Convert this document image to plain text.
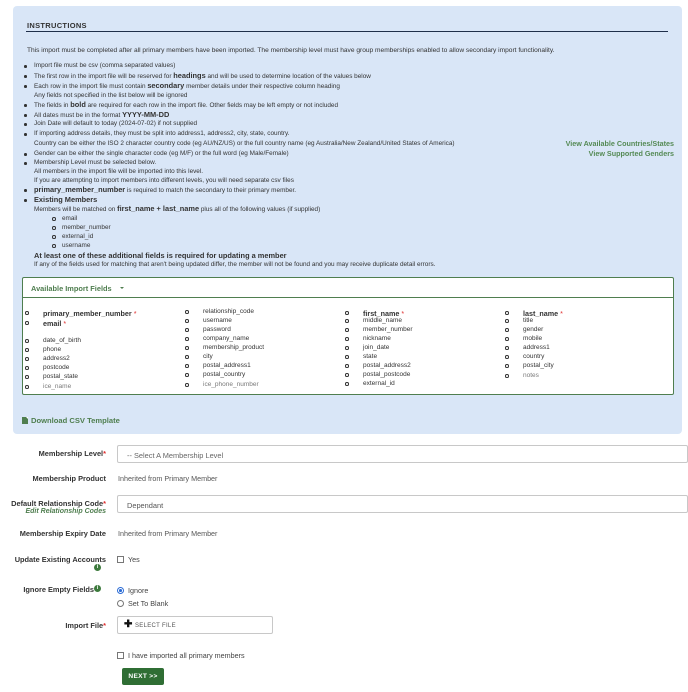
INSTRUCTIONS
This import must be completed after all primary members have been imported. The membership level must have group memberships enabled to allow secondary import functionality.
Import file must be csv (comma separated values)
The first row in the import file will be reserved for headings and will be used to determine location of the values below
Each row in the import file must contain secondary member details under their respective column heading
Any fields not specified in the list below will be ignored
The fields in bold are required for each row in the import file. Other fields may be left empty or not included
All dates must be in the format YYYY-MM-DD
Join Date will default to today (2024-07-02) if not supplied
If importing address details, they must be split into address1, address2, city, state, country.
Country can be either the ISO 2 character country code (eg AU/NZ/US) or the full country name (eg Australia/New Zealand/United States of America)
Gender can be either the single character code (eg M/F) or the full word (eg Male/Female)
Membership Level must be selected below.
All members in the import file will be imported into this level.
If you are attempting to import members into different levels, you will need separate csv files
primary_member_number is required to match the secondary to their primary member.
Existing Members
Members will be matched on first_name + last_name plus all of the following values (if supplied)
email
member_number
external_id
username
At least one of these additional fields is required for updating a member
If any of the fields used for matching that aren't being updated differ, the member will not be found and you may receive duplicate detail errors.
View Available Countries/States
View Supported Genders
Available Import Fields
primary_member_number *
email *
date_of_birth
phone
address2
postcode
postal_state
ice_name
relationship_code
username
password
company_name
membership_product
city
postal_address1
postal_country
ice_phone_number
first_name *
middle_name
member_number
nickname
join_date
state
postal_address2
postal_postcode
external_id
last_name *
title
gender
mobile
address1
country
postal_city
notes
Download CSV Template
Membership Level*	-- Select A Membership Level
Membership Product Inherited from Primary Member
Default Relationship Code*
Edit Relationship Codes
Dependant
Membership Expiry Date Inherited from Primary Member
Update Existing Accounts
i
Yes
Ignore Empty Fields i	Ignore
Set To Blank
Import File* ✚ SELECT FILE
I have imported all primary members
NEXT >>
